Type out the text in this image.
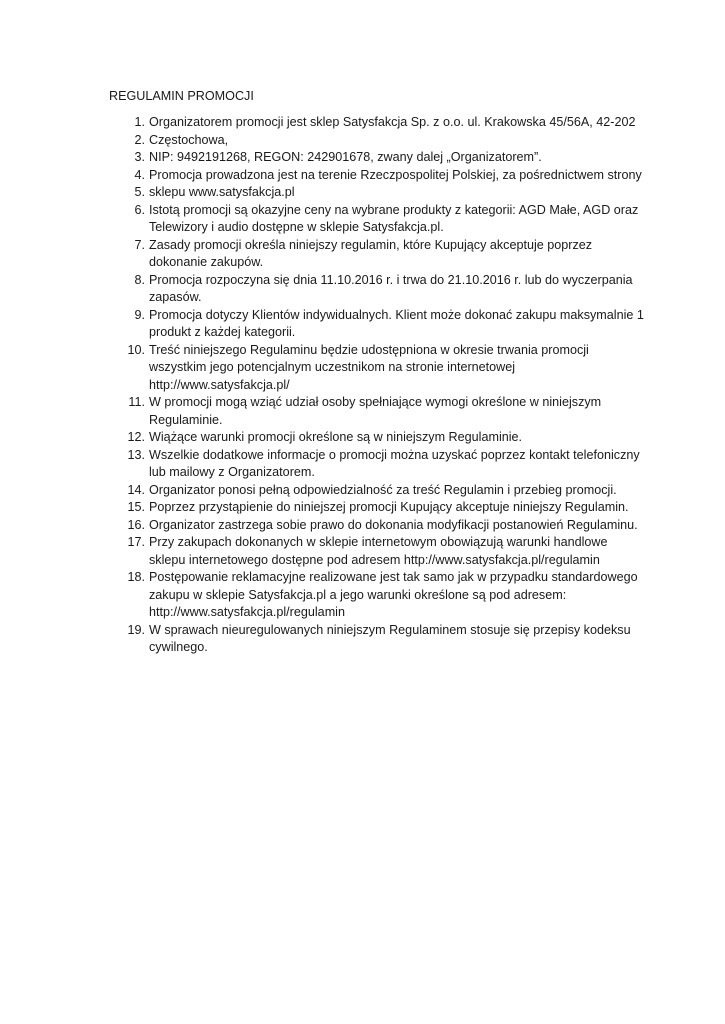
REGULAMIN PROMOCJI
1. Organizatorem promocji jest sklep Satysfakcja Sp. z o.o. ul. Krakowska 45/56A, 42-202
2. Częstochowa,
3. NIP: 9492191268, REGON: 242901678, zwany dalej „Organizatorem”.
4. Promocja prowadzona jest na terenie Rzeczpospolitej Polskiej, za pośrednictwem strony
5. sklepu www.satysfakcja.pl
6. Istotą promocji są okazyjne ceny na wybrane produkty z kategorii: AGD Małe, AGD oraz
Telewizory i audio dostępne w sklepie Satysfakcja.pl.
7. Zasady promocji określa niniejszy regulamin, które Kupujący akceptuje poprzez
dokonanie zakupów.
8. Promocja rozpoczyna się dnia 11.10.2016 r. i trwa do 21.10.2016 r. lub do wyczerpania
zapasów.
9. Promocja dotyczy Klientów indywidualnych. Klient może dokonać zakupu maksymalnie 1
produkt z każdej kategorii.
10. Treść niniejszego Regulaminu będzie udostępniona w okresie trwania promocji
wszystkim jego potencjalnym uczestnikom na stronie internetowej
http://www.satysfakcja.pl/
11. W promocji mogą wziąć udział osoby spełniające wymogi określone w niniejszym
Regulaminie.
12. Wiążące warunki promocji określone są w niniejszym Regulaminie.
13. Wszelkie dodatkowe informacje o promocji można uzyskać poprzez kontakt telefoniczny
lub mailowy z Organizatorem.
14. Organizator ponosi pełną odpowiedzialność za treść Regulamin i przebieg promocji.
15. Poprzez przystąpienie do niniejszej promocji Kupujący akceptuje niniejszy Regulamin.
16. Organizator zastrzega sobie prawo do dokonania modyfikacji postanowień Regulaminu.
17. Przy zakupach dokonanych w sklepie internetowym obowiązują warunki handlowe
sklepu internetowego dostępne pod adresem http://www.satysfakcja.pl/regulamin
18. Postępowanie reklamacyjne realizowane jest tak samo jak w przypadku standardowego
zakupu w sklepie Satysfakcja.pl a jego warunki określone są pod adresem:
http://www.satysfakcja.pl/regulamin
19. W sprawach nieuregulowanych niniejszym Regulaminem stosuje się przepisy kodeksu
cywilnego.
